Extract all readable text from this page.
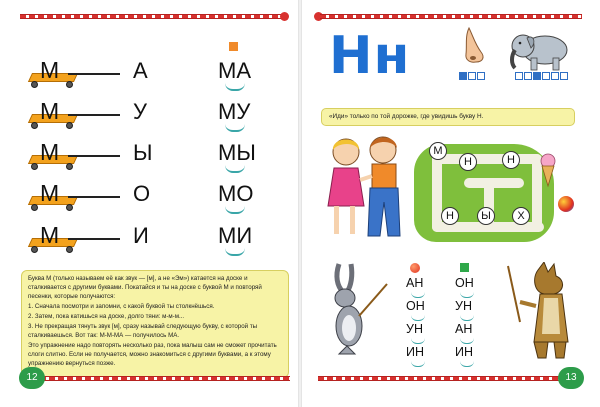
М	А	МА
М	У	МУ
М	Ы	МЫ
М	О	МО
М	И	МИ

Буква М (только называем её как звук — [м], а не «Эм») катается на доске и сталкивается с другими буквами. Покатайся и ты на доске с буквой М и повторяй песенки, которые получаются:

1. Сначала посмотри и запомни, с какой буквой ты столкнёшься.

2. Затем, пока катишься на доске, долго тяни: м-м-м...

3. Не прекращая тянуть звук [м], сразу называй следующую букву, с которой ты сталкиваешься. Вот так: М-М-МА — получилось МА.

Это упражнение надо повторять несколько раз, пока малыш сам не сможет прочитать слоги слитно. Если не получается, можно знакомиться с другими буквами, а к этому упражнению вернуться позже.

12
Нн
«Иди» только по той дорожке, где увидишь букву Н.
М
Н	Н
Н	Ы	Х
АН
ОН
УН
ИН
ОН
УН
АН
ИН
13
